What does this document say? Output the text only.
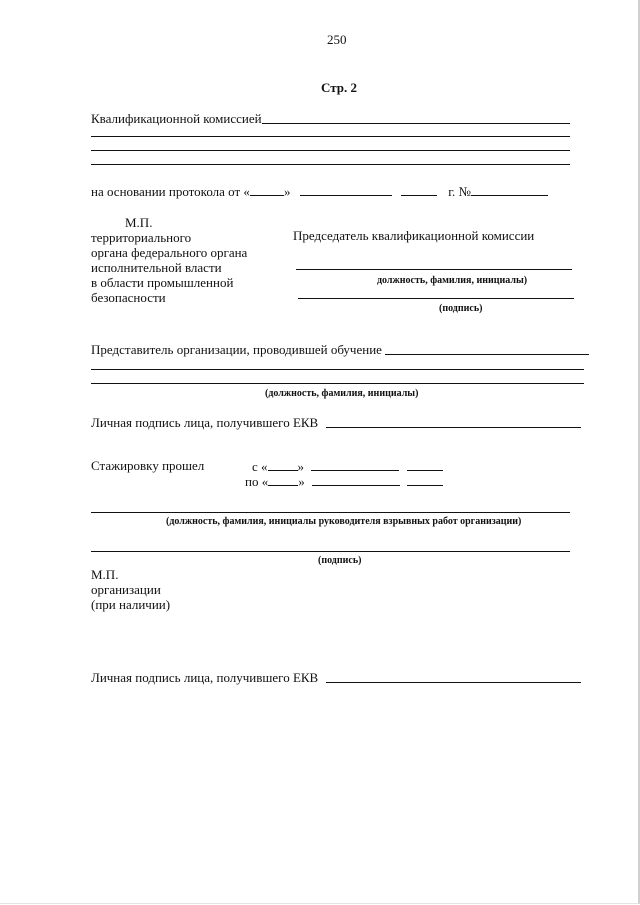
250
Стр. 2
Квалификационной комиссией
на основании протокола от «	»	г. №
М.П.
территориального
органа федерального органа
исполнительной власти
в области промышленной
безопасности
Председатель квалификационной комиссии
должность, фамилия, инициалы)
(подпись)
Представитель организации, проводившей обучение
(должность, фамилия, инициалы)
Личная подпись лица, получившего ЕКВ
Стажировку прошел	с « »
по « »
(должность, фамилия, инициалы руководителя взрывных работ организации)
(подпись)
М.П.
организации
(при наличии)
Личная подпись лица, получившего ЕКВ
